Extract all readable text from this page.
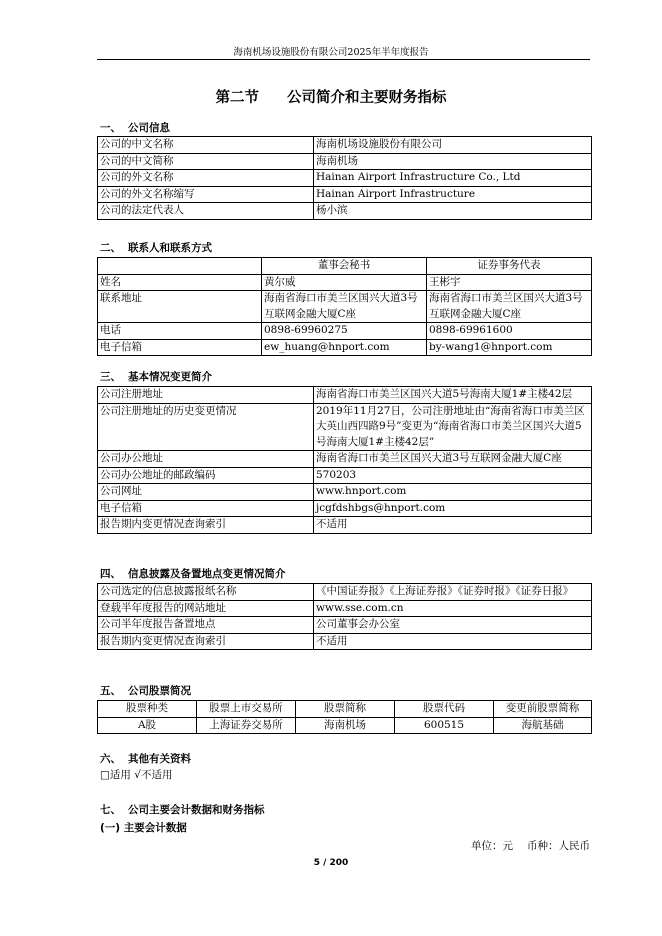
海南机场设施股份有限公司2025年半年度报告
第二节 公司简介和主要财务指标
一、 公司信息
公司的中文名称	海南机场设施股份有限公司
公司的中文简称	海南机场
公司的外文名称	Hainan Airport Infrastructure Co., Ltd
公司的外文名称缩写	Hainan Airport Infrastructure
公司的法定代表人	杨小滨
二、 联系人和联系方式
	董事会秘书	证券事务代表
姓名	黄尔威	王彬宇
联系地址	海南省海口市美兰区国兴大道3号互联网金融大厦C座	海南省海口市美兰区国兴大道3号互联网金融大厦C座
电话	0898-69960275	0898-69961600
电子信箱	ew_huang@hnport.com	by-wang1@hnport.com
三、 基本情况变更简介
公司注册地址	海南省海口市美兰区国兴大道5号海南大厦1#主楼42层
公司注册地址的历史变更情况	2019年11月27日，公司注册地址由“海南省海口市美兰区大英山西四路9号”变更为“海南省海口市美兰区国兴大道5号海南大厦1#主楼42层”
公司办公地址	海南省海口市美兰区国兴大道3号互联网金融大厦C座
公司办公地址的邮政编码	570203
公司网址	www.hnport.com
电子信箱	jcgfdshbgs@hnport.com
报告期内变更情况查询索引	不适用
四、 信息披露及备置地点变更情况简介
公司选定的信息披露报纸名称	《中国证券报》《上海证券报》《证券时报》《证券日报》
登载半年度报告的网站地址	www.sse.com.cn
公司半年度报告备置地点	公司董事会办公室
报告期内变更情况查询索引	不适用
五、 公司股票简况
股票种类	股票上市交易所	股票简称	股票代码	变更前股票简称
A股	上海证券交易所	海南机场	600515	海航基础
六、 其他有关资料
□适用 √不适用
七、 公司主要会计数据和财务指标
(一) 主要会计数据
单位：元 币种：人民币
5 / 200
